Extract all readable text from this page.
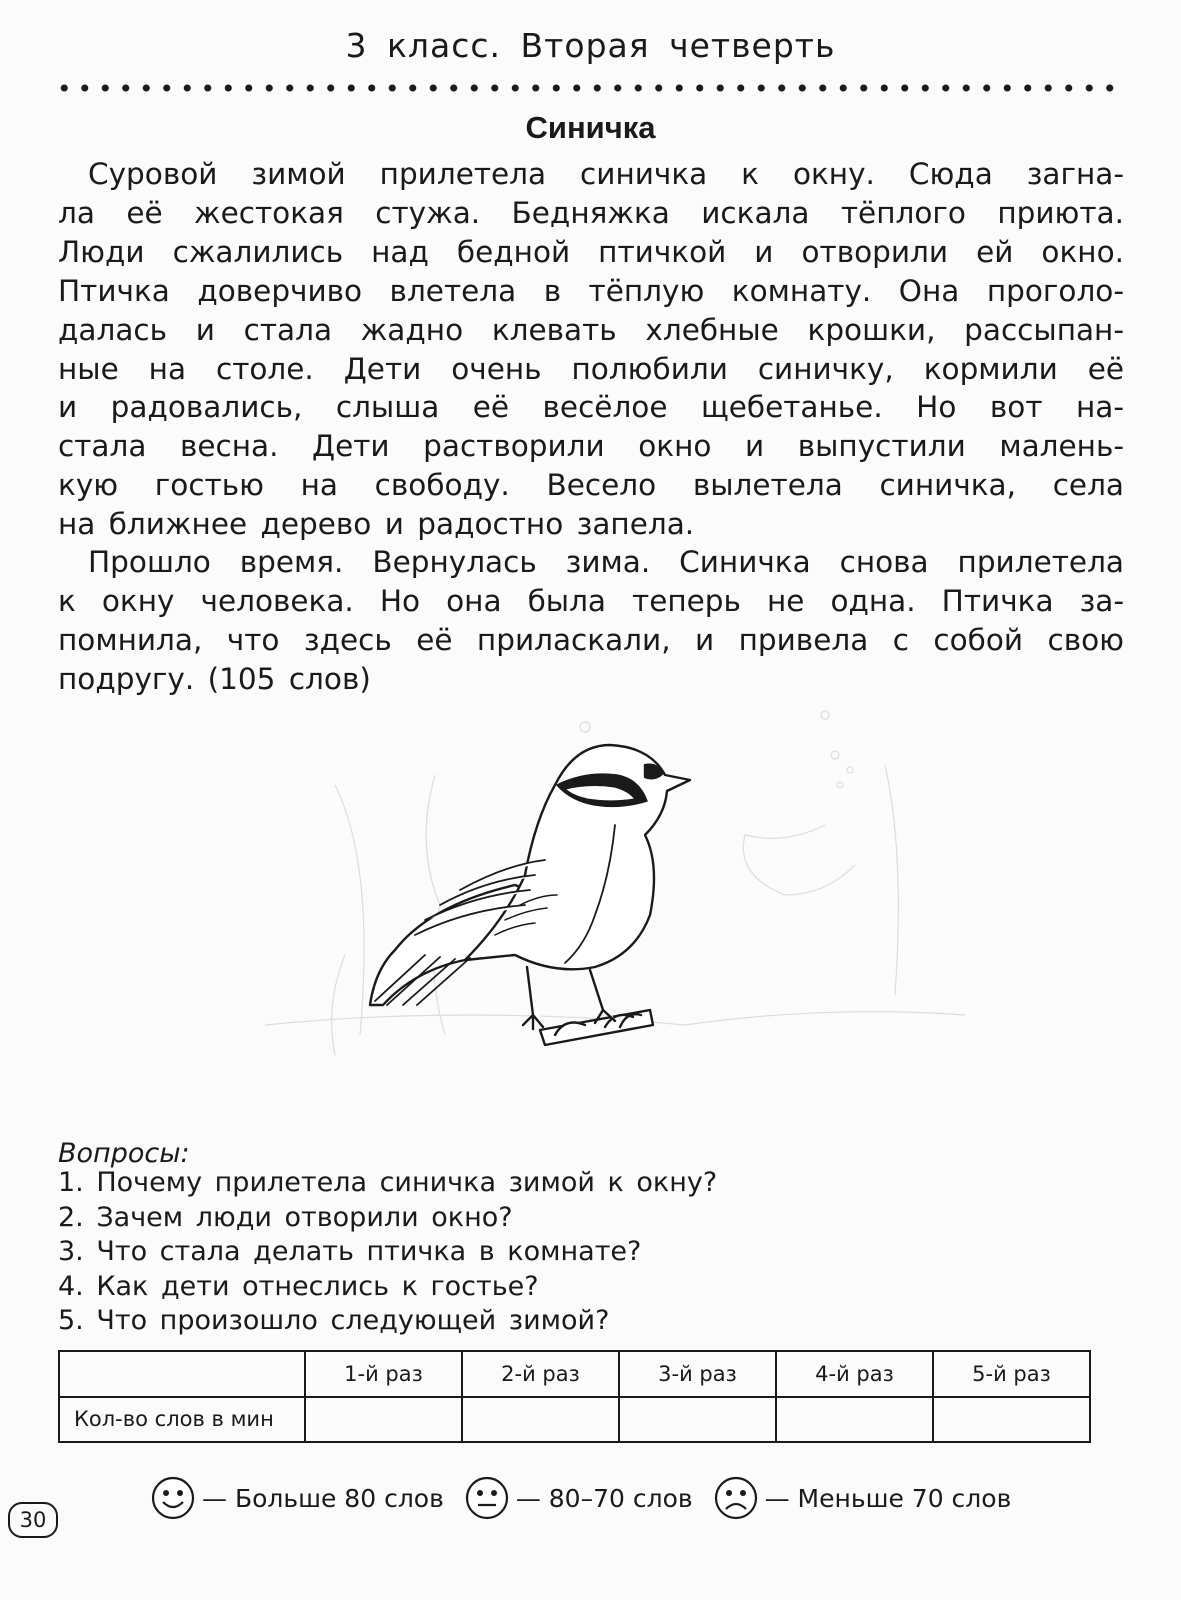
3 класс. Вторая четверть
Синичка
Суровой зимой прилетела синичка к окну. Сюда загна-
ла её жестокая стужа. Бедняжка искала тёплого приюта.
Люди сжалились над бедной птичкой и отворили ей окно.
Птичка доверчиво влетела в тёплую комнату. Она проголо-
далась и стала жадно клевать хлебные крошки, рассыпан-
ные на столе. Дети очень полюбили синичку, кормили её
и радовались, слыша её весёлое щебетанье. Но вот на-
стала весна. Дети растворили окно и выпустили малень-
кую гостью на свободу. Весело вылетела синичка, села
на ближнее дерево и радостно запела.
Прошло время. Вернулась зима. Синичка снова прилетела
к окну человека. Но она была теперь не одна. Птичка за-
помнила, что здесь её приласкали, и привела с собой свою
подругу. (105 слов)
Вопросы:
1. Почему прилетела синичка зимой к окну?
2. Зачем люди отворили окно?
3. Что стала делать птичка в комнате?
4. Как дети отнеслись к гостье?
5. Что произошло следующей зимой?
	1-й раз	2-й раз	3-й раз	4-й раз	5-й раз
Кол-во слов в мин					
— Больше 80 слов	— 80–70 слов	— Меньше 70 слов
30
